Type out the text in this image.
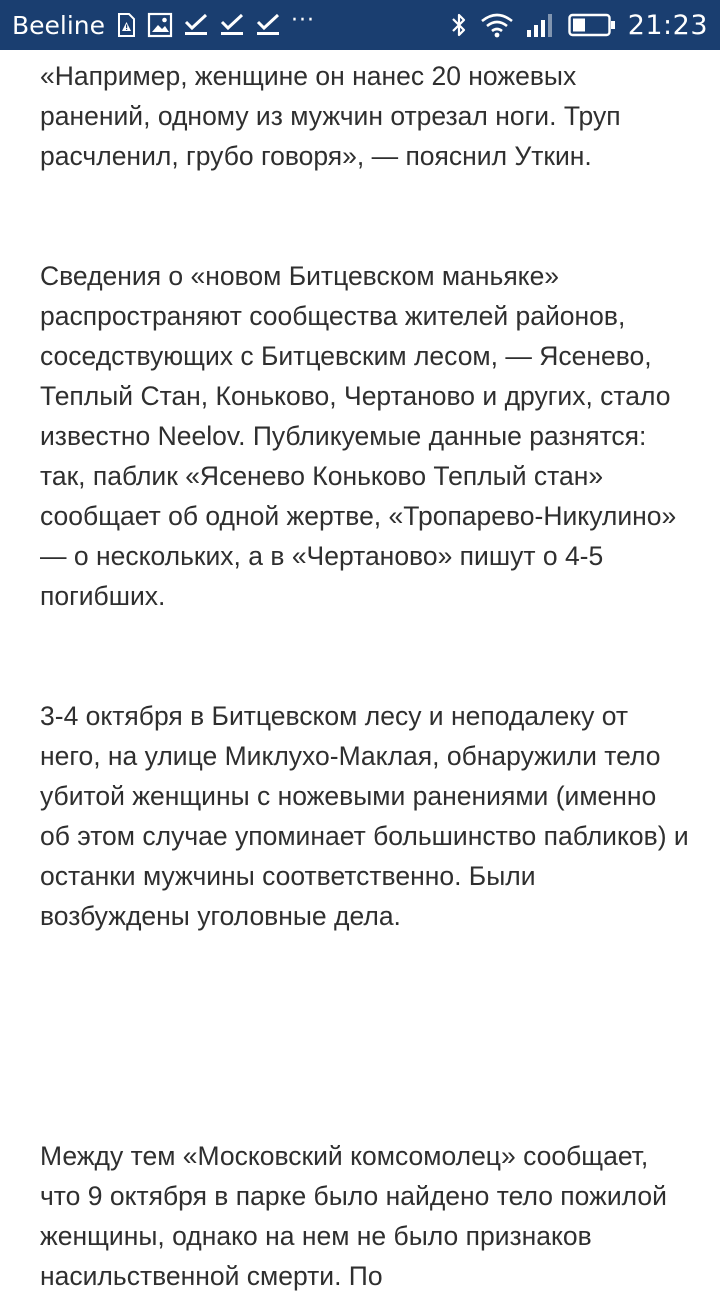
Beeline	···	21:23

«Например, женщине он нанес 20 ножевых ранений, одному из мужчин отрезал ноги. Труп расчленил, грубо говоря», — пояснил Уткин.

Сведения о «новом Битцевском маньяке» распространяют сообщества жителей районов, соседствующих с Битцевским лесом, — Ясенево, Теплый Стан, Коньково, Чертаново и других, стало известно Neelov. Публикуемые данные разнятся: так, паблик «Ясенево Коньково Теплый стан» сообщает об одной жертве, «Тропарево-Никулино» — о нескольких, а в «Чертаново» пишут о 4-5 погибших.

3-4 октября в Битцевском лесу и неподалеку от него, на улице Миклухо-Маклая, обнаружили тело убитой женщины с ножевыми ранениями (именно об этом случае упоминает большинство пабликов) и останки мужчины соответственно. Были возбуждены уголовные дела.

Между тем «Московский комсомолец» сообщает, что 9 октября в парке было найдено тело пожилой женщины, однако на нем не было признаков насильственной смерти. По
